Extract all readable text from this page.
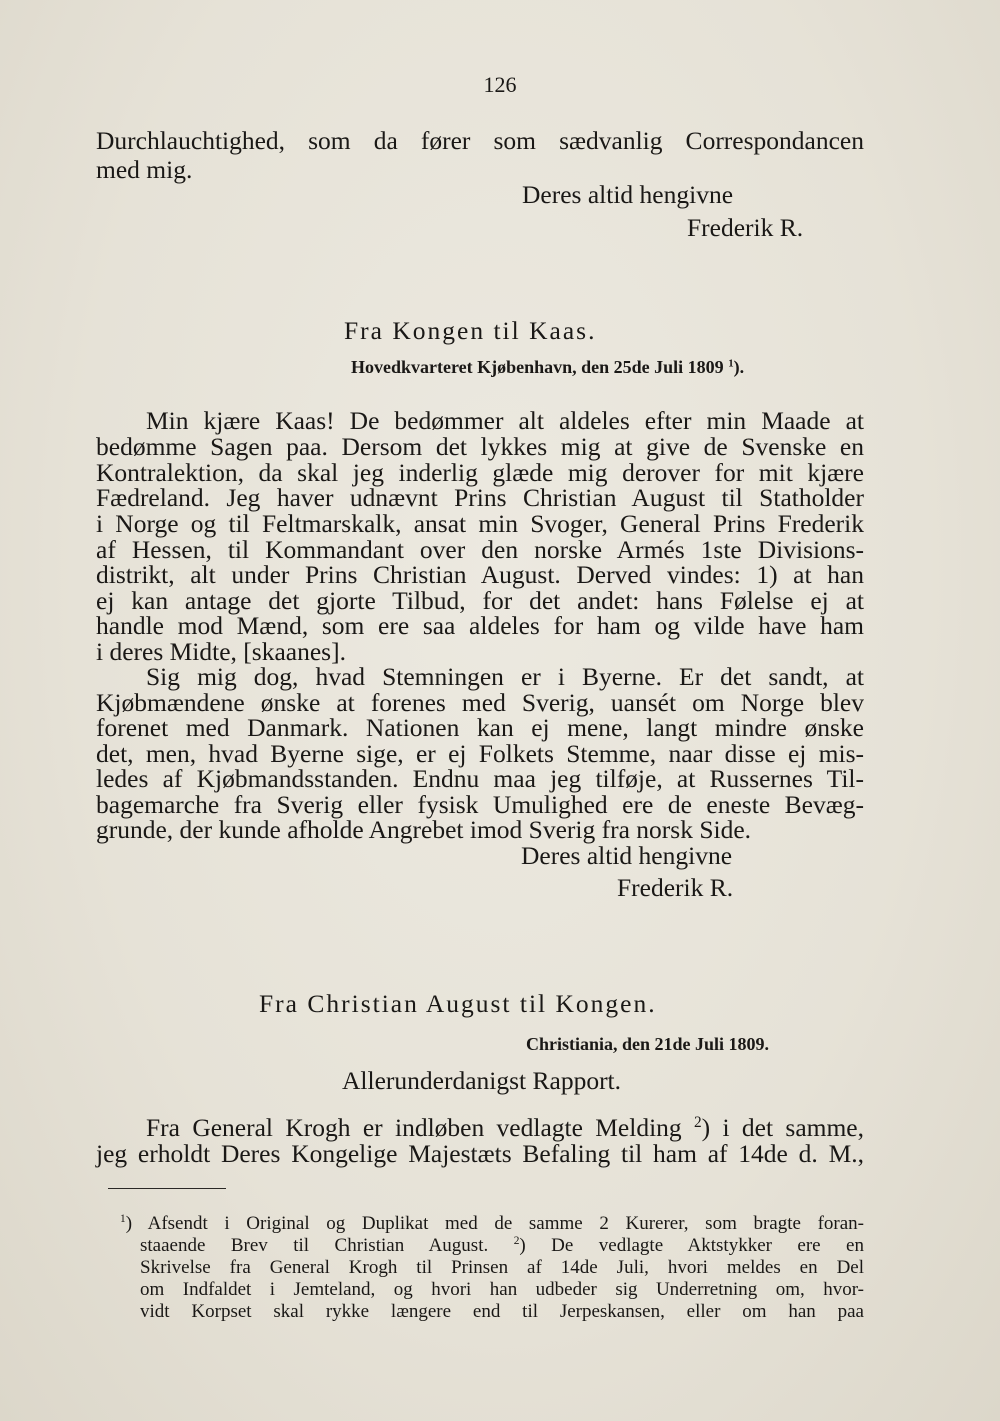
126
Durchlauchtighed, som da fører som sædvanlig Correspondancen
med mig.
Deres altid hengivne
Frederik R.
Fra Kongen til Kaas.
Hovedkvarteret Kjøbenhavn, den 25de Juli 1809 $^1$).
Min kjære Kaas! De bedømmer alt aldeles efter min Maade at
bedømme Sagen paa. Dersom det lykkes mig at give de Svenske en
Kontralektion, da skal jeg inderlig glæde mig derover for mit kjære
Fædreland. Jeg haver udnævnt Prins Christian August til Statholder
i Norge og til Feltmarskalk, ansat min Svoger, General Prins Frederik
af Hessen, til Kommandant over den norske Armés 1ste Divisions-
distrikt, alt under Prins Christian August. Derved vindes: 1) at han
ej kan antage det gjorte Tilbud, for det andet: hans Følelse ej at
handle mod Mænd, som ere saa aldeles for ham og vilde have ham
i deres Midte, [skaanes].
Sig mig dog, hvad Stemningen er i Byerne. Er det sandt, at
Kjøbmændene ønske at forenes med Sverig, uansét om Norge blev
forenet med Danmark. Nationen kan ej mene, langt mindre ønske
det, men, hvad Byerne sige, er ej Folkets Stemme, naar disse ej mis-
ledes af Kjøbmandsstanden. Endnu maa jeg tilføje, at Russernes Til-
bagemarche fra Sverig eller fysisk Umulighed ere de eneste Bevæg-
grunde, der kunde afholde Angrebet imod Sverig fra norsk Side.
Deres altid hengivne
Frederik R.
Fra Christian August til Kongen.
Christiania, den 21de Juli 1809.
Allerunderdanigst Rapport.
Fra General Krogh er indløben vedlagte Melding $^2$) i det samme,
jeg erholdt Deres Kongelige Majestæts Befaling til ham af 14de d. M.,
$^1$) Afsendt i Original og Duplikat med de samme 2 Kurerer, som bragte foran-
staaende Brev til Christian August. $^2$) De vedlagte Aktstykker ere en
Skrivelse fra General Krogh til Prinsen af 14de Juli, hvori meldes en Del
om Indfaldet i Jemteland, og hvori han udbeder sig Underretning om, hvor-
vidt Korpset skal rykke længere end til Jerpeskansen, eller om han paa
